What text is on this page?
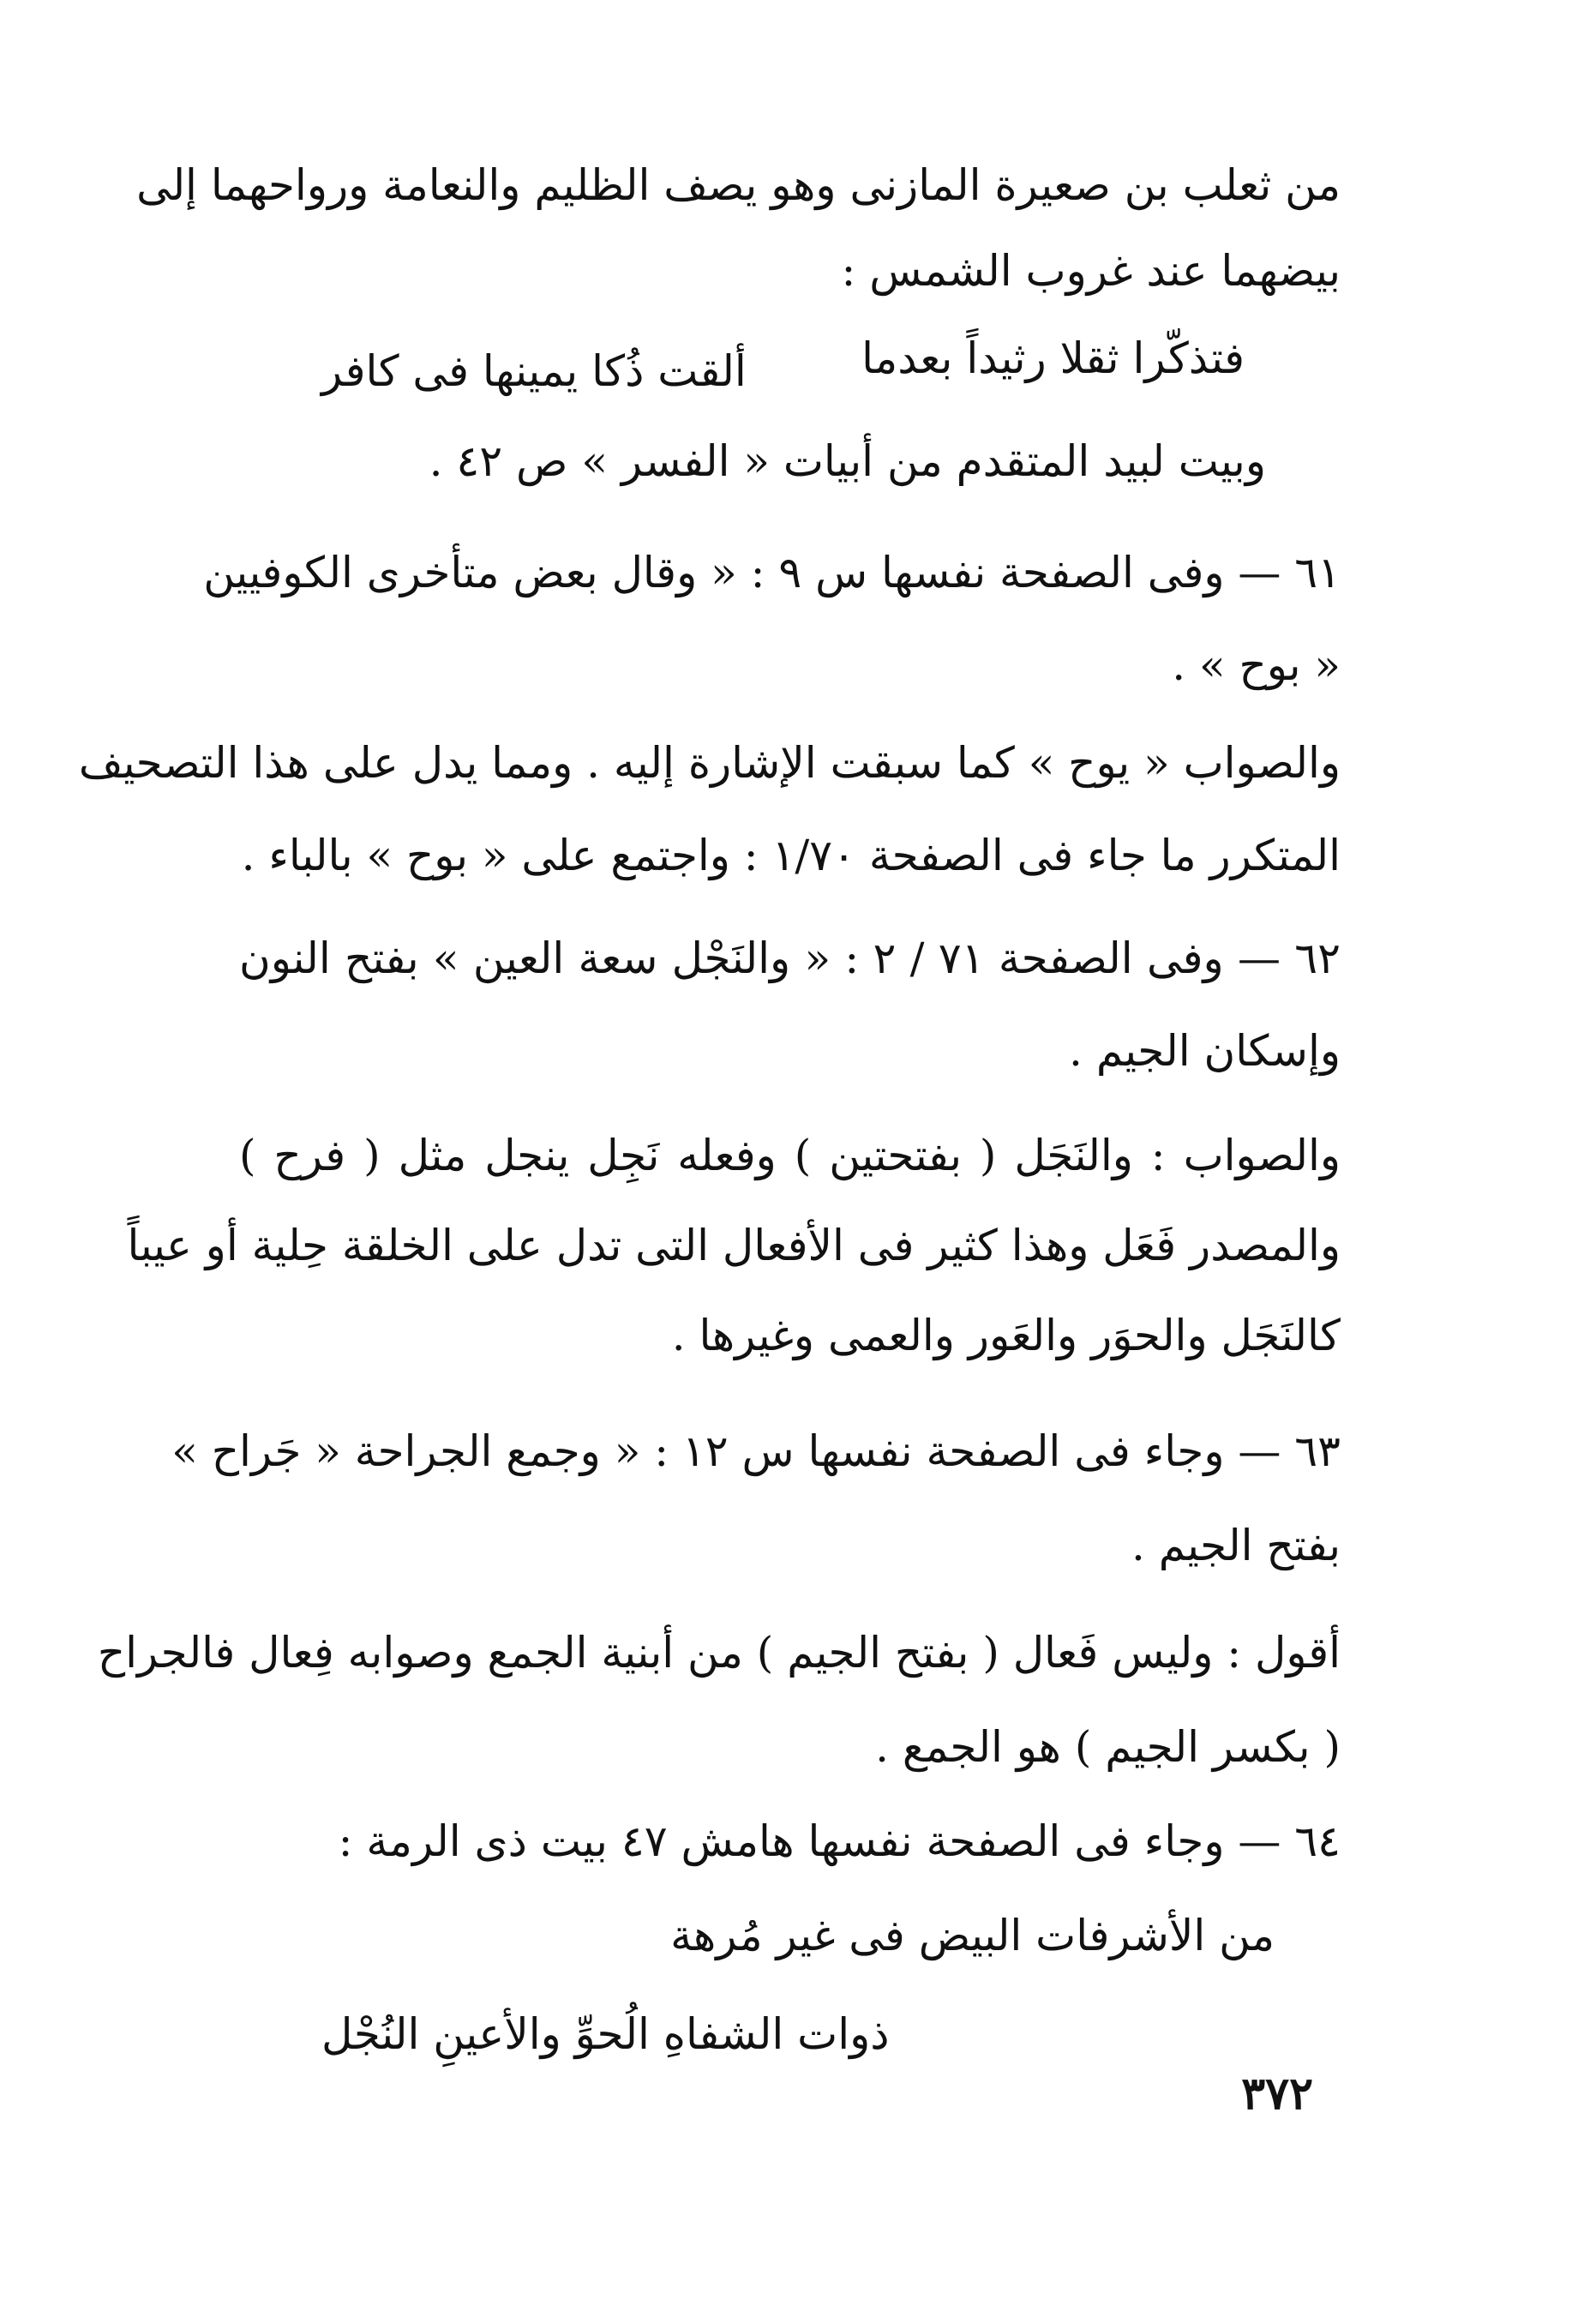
من ثعلب بن صعيرة المازنى وهو يصف الظليم والنعامة ورواحهما إلى

بيضهما عند غروب الشمس :

فتذكّرا ثقلا رثيداً بعدما

ألقت ذُكا يمينها فى كافر

وبيت لبيد المتقدم من أبيات « الفسر » ص ٤٢ .

٦١ — وفى الصفحة نفسها س ٩ : « وقال بعض متأخرى الكوفيين

« بوح » .

والصواب « يوح » كما سبقت الإشارة إليه . ومما يدل على هذا التصحيف

المتكرر ما جاء فى الصفحة ١/٧٠ : واجتمع على « بوح » بالباء .

٦٢ — وفى الصفحة ٧١ / ٢ : « والنَجْل سعة العين » بفتح النون

وإسكان الجيم .

والصواب : والنَجَل ( بفتحتين ) وفعله نَجِل ينجل مثل ( فرح )

والمصدر فَعَل وهذا كثير فى الأفعال التى تدل على الخلقة حِلية أو عيباً

كالنَجَل والحوَر والعَور والعمى وغيرها .

٦٣ — وجاء فى الصفحة نفسها س ١٢ : « وجمع الجراحة « جَراح »

بفتح الجيم .

أقول : وليس فَعال ( بفتح الجيم ) من أبنية الجمع وصوابه فِعال فالجراح

( بكسر الجيم ) هو الجمع .

٦٤ — وجاء فى الصفحة نفسها هامش ٤٧ بيت ذى الرمة :

من الأشرفات البيض فى غير مُرهة

ذوات الشفاهِ الُحوِّ والأعينِ النُجْل

٣٧٢
